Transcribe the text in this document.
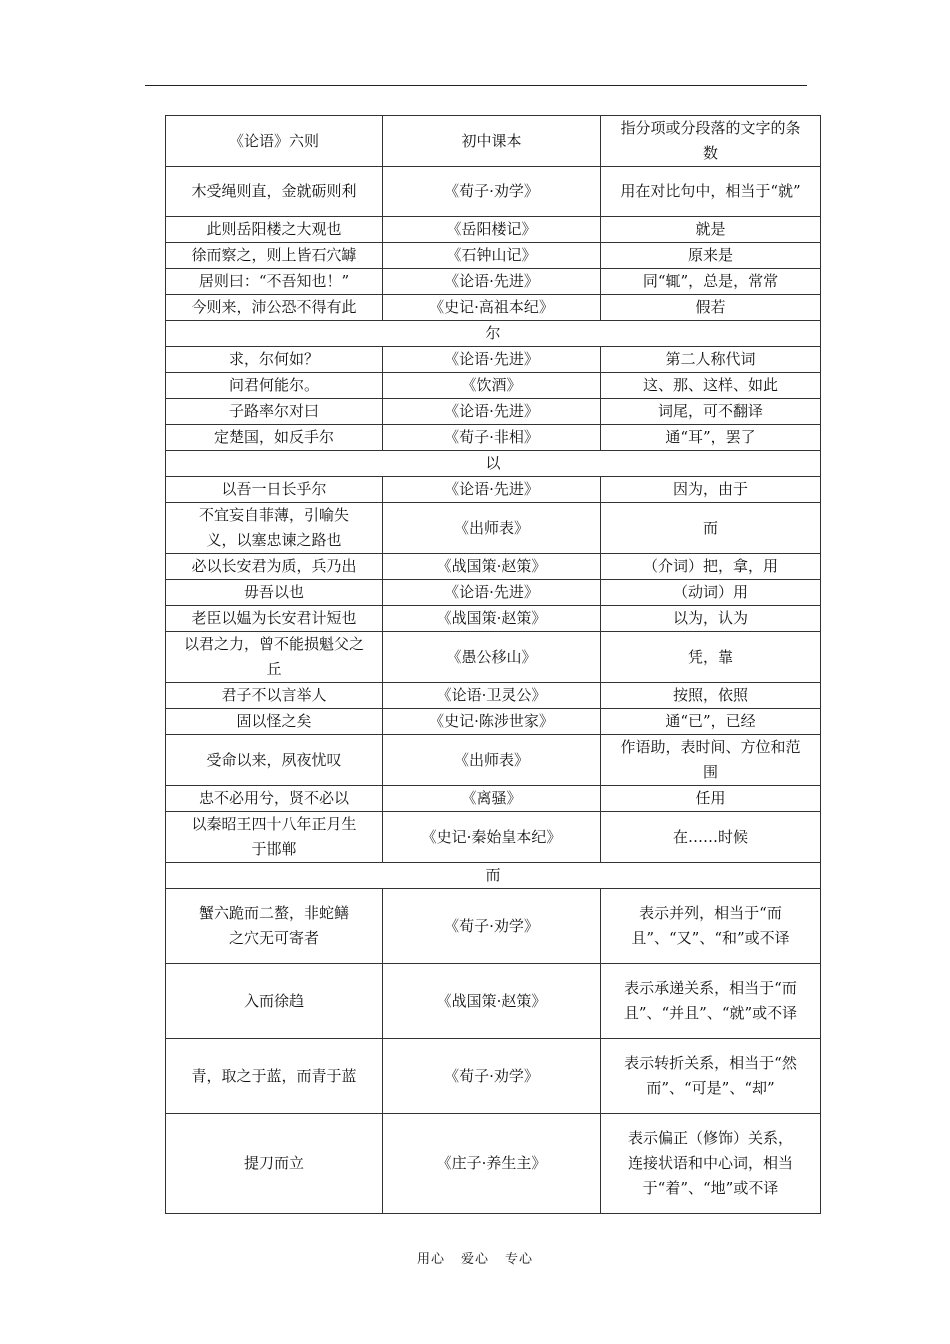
《论语》六则	初中课本	指分项或分段落的文字的条数
木受绳则直，金就砺则利	《荀子·劝学》	用在对比句中，相当于“就”
此则岳阳楼之大观也	《岳阳楼记》	就是
徐而察之，则上皆石穴罅	《石钟山记》	原来是
居则曰：“不吾知也！”	《论语·先进》	同“辄”，总是，常常
今则来，沛公恐不得有此	《史记·高祖本纪》	假若
尔		
求，尔何如？	《论语·先进》	第二人称代词
问君何能尔。	《饮酒》	这、那、这样、如此
子路率尔对曰	《论语·先进》	词尾，可不翻译
定楚国，如反手尔	《荀子·非相》	通“耳”，罢了
以		
以吾一日长乎尔	《论语·先进》	因为，由于
不宜妄自菲薄，引喻失义，以塞忠谏之路也	《出师表》	而
必以长安君为质，兵乃出	《战国策·赵策》	（介词）把，拿，用
毋吾以也	《论语·先进》	（动词）用
老臣以媪为长安君计短也	《战国策·赵策》	以为，认为
以君之力，曾不能损魁父之丘	《愚公移山》	凭，靠
君子不以言举人	《论语·卫灵公》	按照，依照
固以怪之矣	《史记·陈涉世家》	通“已”，已经
受命以来，夙夜忧叹	《出师表》	作语助，表时间、方位和范围
忠不必用兮，贤不必以	《离骚》	任用
以秦昭王四十八年正月生于邯郸	《史记·秦始皇本纪》	在……时候
而		
蟹六跪而二螯，非蛇鳝之穴无可寄者	《荀子·劝学》	表示并列，相当于“而且”、“又”、“和”或不译
入而徐趋	《战国策·赵策》	表示承递关系，相当于“而且”、“并且”、“就”或不译
青，取之于蓝，而青于蓝	《荀子·劝学》	表示转折关系，相当于“然而”、“可是”、“却”
提刀而立	《庄子·养生主》	表示偏正（修饰）关系，连接状语和中心词，相当于“着”、“地”或不译
用心 爱心 专心
